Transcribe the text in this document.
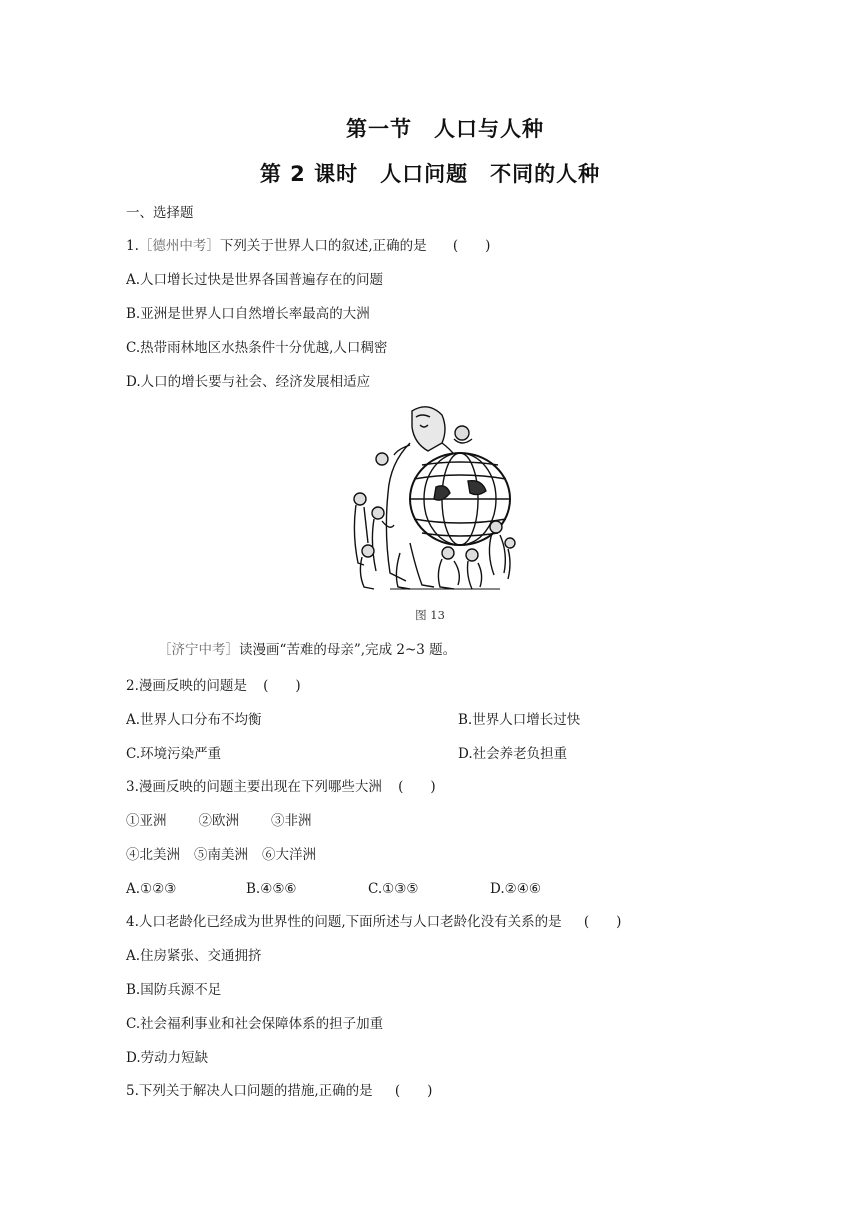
第一节　人口与人种
第 2 课时　人口问题　不同的人种
一、选择题
1.［德州中考］下列关于世界人口的叙述,正确的是 (　　)
A.人口增长过快是世界各国普遍存在的问题
B.亚洲是世界人口自然增长率最高的大洲
C.热带雨林地区水热条件十分优越,人口稠密
D.人口的增长要与社会、经济发展相适应
图 13
［济宁中考］读漫画“苦难的母亲”,完成 2~3 题。
2.漫画反映的问题是 (　　)
A.世界人口分布不均衡	B.世界人口增长过快
C.环境污染严重	D.社会养老负担重
3.漫画反映的问题主要出现在下列哪些大洲 (　　)
①亚洲 ②欧洲 ③非洲
④北美洲 ⑤南美洲 ⑥大洋洲
A.①②③	B.④⑤⑥	C.①③⑤	D.②④⑥
4.人口老龄化已经成为世界性的问题,下面所述与人口老龄化没有关系的是 (　　)
A.住房紧张、交通拥挤
B.国防兵源不足
C.社会福利事业和社会保障体系的担子加重
D.劳动力短缺
5.下列关于解决人口问题的措施,正确的是 (　　)
